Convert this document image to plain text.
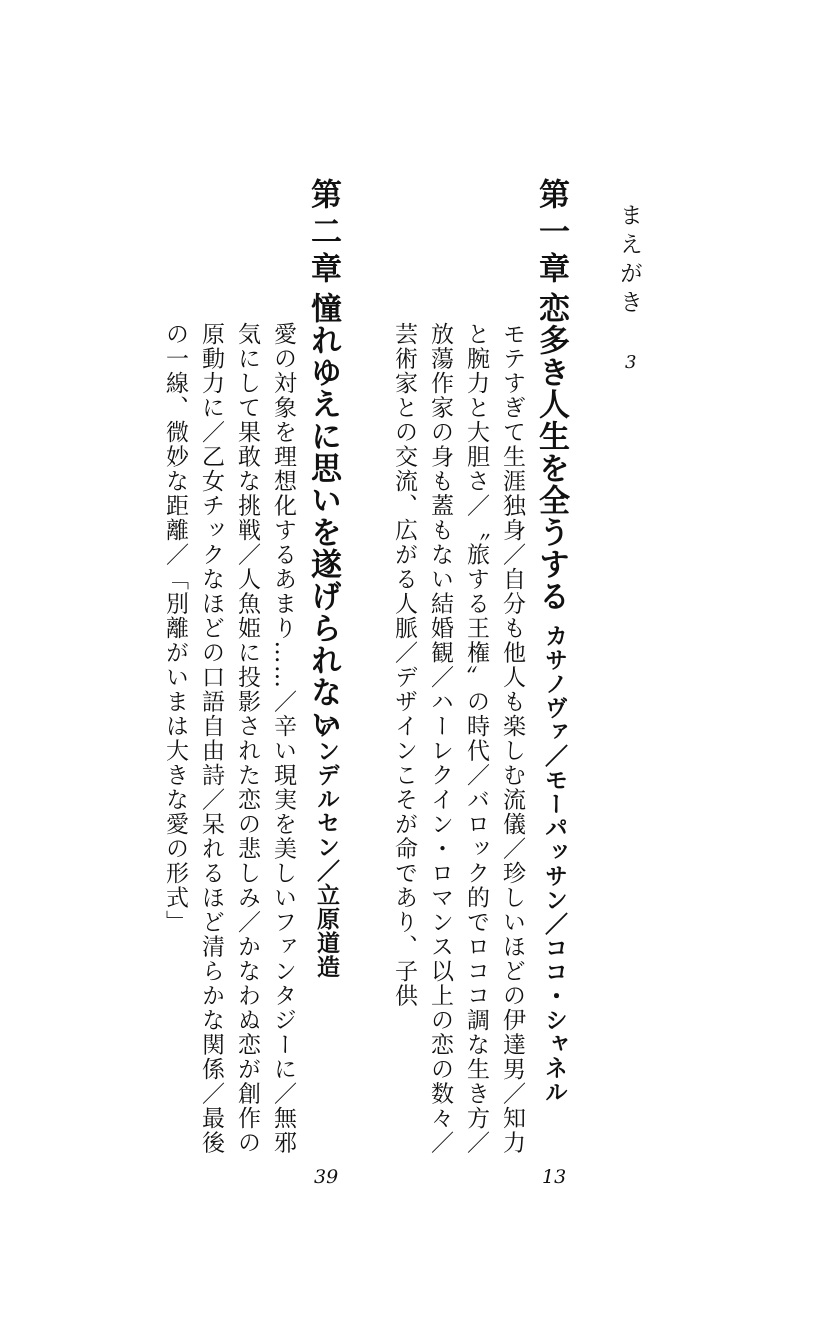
まえがき
3
第一章
恋多き人生を全うする
カサノヴァ／モーパッサン／ココ・シャネル
モテすぎて生涯独身／自分も他人も楽しむ流儀／珍しいほどの伊達男／知力
と腕力と大胆さ／〝旅する王権〟の時代／バロック的でロココ調な生き方／
放蕩作家の身も蓋もない結婚観／ハーレクイン・ロマンス以上の恋の数々／
芸術家との交流、広がる人脈／デザインこそが命であり、子供
13
第二章
憧れゆえに思いを遂げられない
アンデルセン／立原道造
愛の対象を理想化するあまり……／辛い現実を美しいファンタジーに／無邪
気にして果敢な挑戦／人魚姫に投影された恋の悲しみ／かなわぬ恋が創作の
原動力に／乙女チックなほどの口語自由詩／呆れるほど清らかな関係／最後
の一線、微妙な距離／「別離がいまは大きな愛の形式」
39
